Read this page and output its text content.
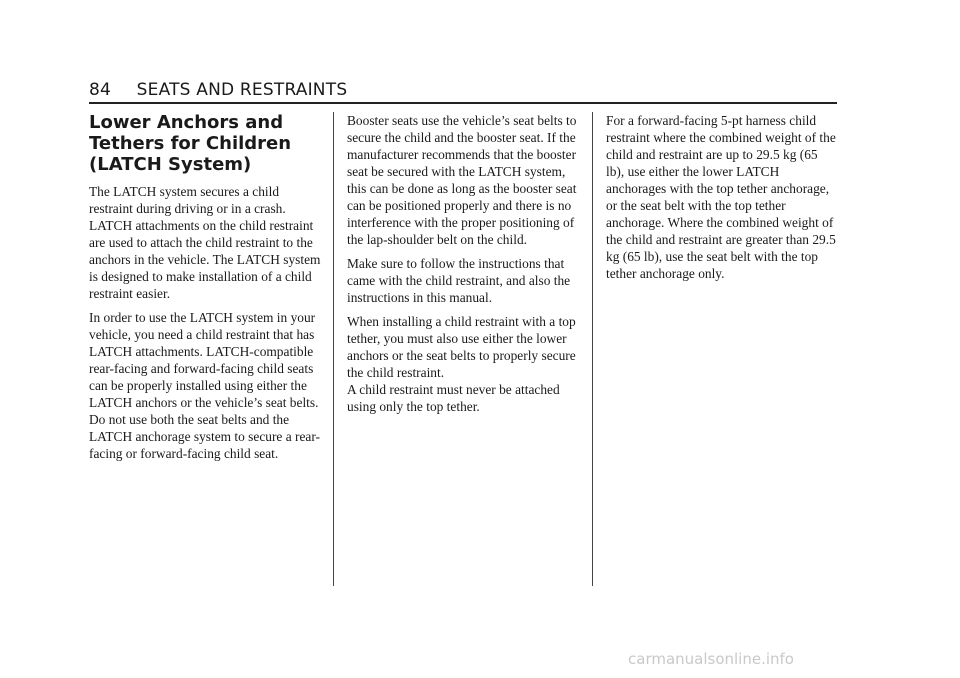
84 SEATS AND RESTRAINTS
Lower Anchors and
Tethers for Children
(LATCH System)

The LATCH system secures a child restraint during driving or in a crash. LATCH attachments on the child restraint are used to attach the child restraint to the anchors in the vehicle. The LATCH system is designed to make installation of a child restraint easier.

In order to use the LATCH system in your vehicle, you need a child restraint that has LATCH attachments. LATCH-compatible rear-facing and forward-facing child seats can be properly installed using either the LATCH anchors or the vehicle’s seat belts. Do not use both the seat belts and the LATCH anchorage system to secure a rear-facing or forward-facing child seat.

Booster seats use the vehicle’s seat belts to secure the child and the booster seat. If the manufacturer recommends that the booster seat be secured with the LATCH system, this can be done as long as the booster seat can be positioned properly and there is no interference with the proper positioning of the lap-shoulder belt on the child.

Make sure to follow the instructions that came with the child restraint, and also the instructions in this manual.

When installing a child restraint with a top tether, you must also use either the lower anchors or the seat belts to properly secure the child restraint.

A child restraint must never be attached using only the top tether.

For a forward-facing 5-pt harness child restraint where the combined weight of the child and restraint are up to 29.5 kg (65 lb), use either the lower LATCH anchorages with the top tether anchorage, or the seat belt with the top tether anchorage. Where the combined weight of the child and restraint are greater than 29.5 kg (65 lb), use the seat belt with the top tether anchorage only.

carmanualsonline.info
